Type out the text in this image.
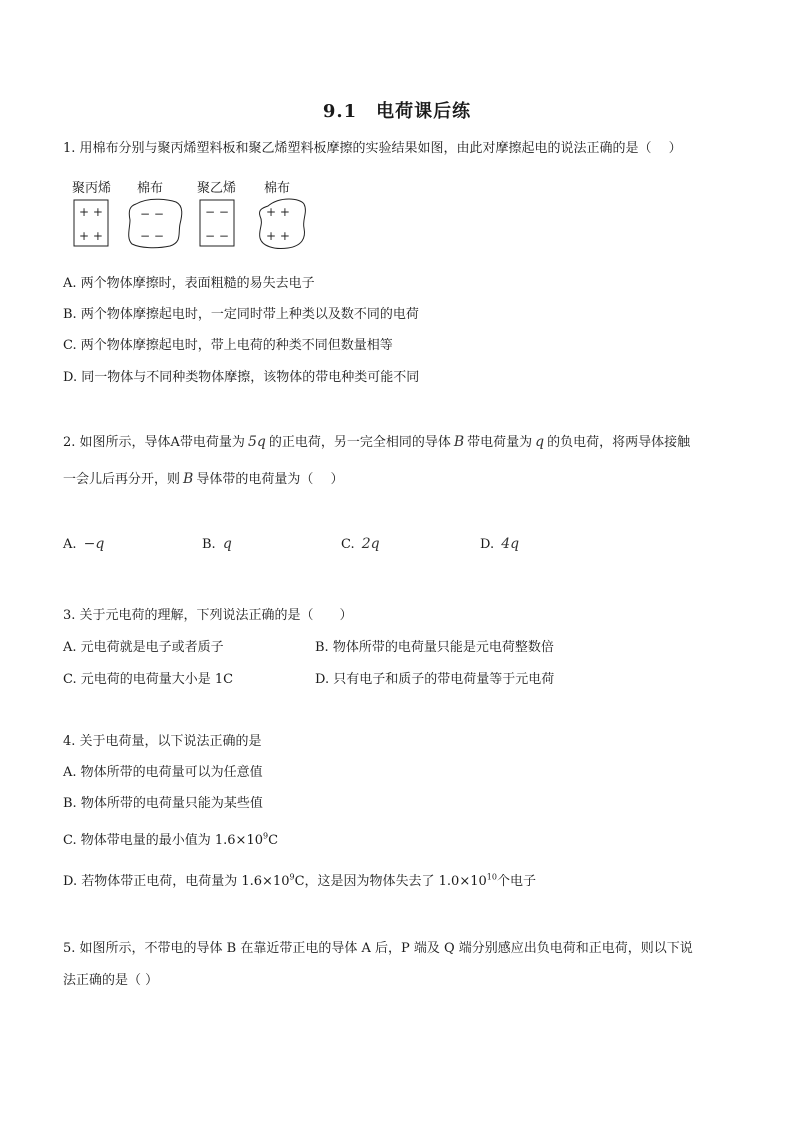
9.1　电荷课后练
1. 用棉布分别与聚丙烯塑料板和聚乙烯塑料板摩擦的实验结果如图，由此对摩擦起电的说法正确的是（　 ）
聚丙烯 棉布	聚乙烯 棉布
+ +
+ +
− −
− −
− −
− −
+ +
+ +
A. 两个物体摩擦时，表面粗糙的易失去电子
B. 两个物体摩擦起电时，一定同时带上种类以及数不同的电荷
C. 两个物体摩擦起电时，带上电荷的种类不同但数量相等
D. 同一物体与不同种类物体摩擦，该物体的带电种类可能不同
2. 如图所示，导体A带电荷量为 5q 的正电荷，另一完全相同的导体 B 带电荷量为 q 的负电荷，将两导体接触
一会儿后再分开，则 B 导体带的电荷量为（　 ）
A. −q	B. q	C. 2q	D. 4q
3. 关于元电荷的理解，下列说法正确的是（　　）
A. 元电荷就是电子或者质子	B. 物体所带的电荷量只能是元电荷整数倍
C. 元电荷的电荷量大小是 1C	D. 只有电子和质子的带电荷量等于元电荷
4. 关于电荷量，以下说法正确的是
A. 物体所带的电荷量可以为任意值
B. 物体所带的电荷量只能为某些值
C. 物体带电量的最小值为 $1.6\times 10^9C$
D. 若物体带正电荷，电荷量为 $1.6\times 10^9C$，这是因为物体失去了 $1.0\times 10^{10}$个电子
5. 如图所示，不带电的导体 B 在靠近带正电的导体 A 后，P 端及 Q 端分别感应出负电荷和正电荷，则以下说
法正确的是（ ）
